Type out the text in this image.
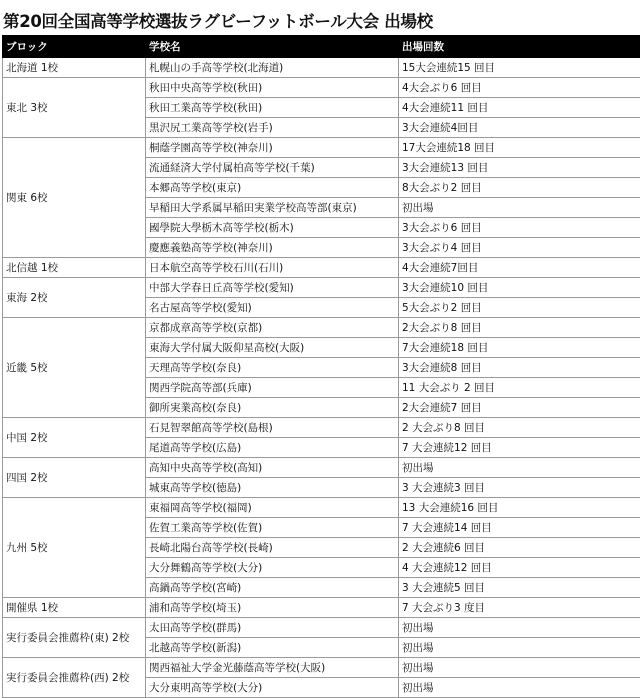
第20回全国高等学校選抜ラグビーフットボール大会 出場校
ブロック	学校名	出場回数
北海道 1校	札幌山の手高等学校(北海道)	15大会連続15 回目
東北 3校	秋田中央高等学校(秋田)	4大会ぶり6 回目
	秋田工業高等学校(秋田)	4大会連続11 回目
	黒沢尻工業高等学校(岩手)	3大会連続4回目
関東 6校	桐蔭学園高等学校(神奈川)	17大会連続18 回目
	流通経済大学付属柏高等学校(千葉)	3大会連続13 回目
	本郷高等学校(東京)	8大会ぶり2 回目
	早稲田大学系属早稲田実業学校高等部(東京)	初出場
	國學院大學栃木高等学校(栃木)	3大会ぶり6 回目
	慶應義塾高等学校(神奈川)	3大会ぶり4 回目
北信越 1校	日本航空高等学校石川(石川)	4大会連続7回目
東海 2校	中部大学春日丘高等学校(愛知)	3大会連続10 回目
	名古屋高等学校(愛知)	5大会ぶり2 回目
近畿 5校	京都成章高等学校(京都)	2大会ぶり8 回目
	東海大学付属大阪仰星高校(大阪)	7大会連続18 回目
	天理高等学校(奈良)	3大会連続8 回目
	関西学院高等部(兵庫)	11 大会ぶり 2 回目
	御所実業高校(奈良)	2大会連続7 回目
中国 2校	石見智翠館高等学校(島根)	2 大会ぶり8 回目
	尾道高等学校(広島)	7 大会連続12 回目
四国 2校	高知中央高等学校(高知)	初出場
	城東高等学校(徳島)	3 大会連続3 回目
九州 5校	東福岡高等学校(福岡)	13 大会連続16 回目
	佐賀工業高等学校(佐賀)	7 大会連続14 回目
	長崎北陽台高等学校(長崎)	2 大会連続6 回目
	大分舞鶴高等学校(大分)	4 大会連続12 回目
	高鍋高等学校(宮崎)	3 大会連続5 回目
開催県 1校	浦和高等学校(埼玉)	7 大会ぶり3 度目
実行委員会推薦枠(東) 2校	太田高等学校(群馬)	初出場
	北越高等学校(新潟)	初出場
実行委員会推薦枠(西) 2校	関西福祉大学金光藤蔭高等学校(大阪)	初出場
	大分東明高等学校(大分)	初出場
